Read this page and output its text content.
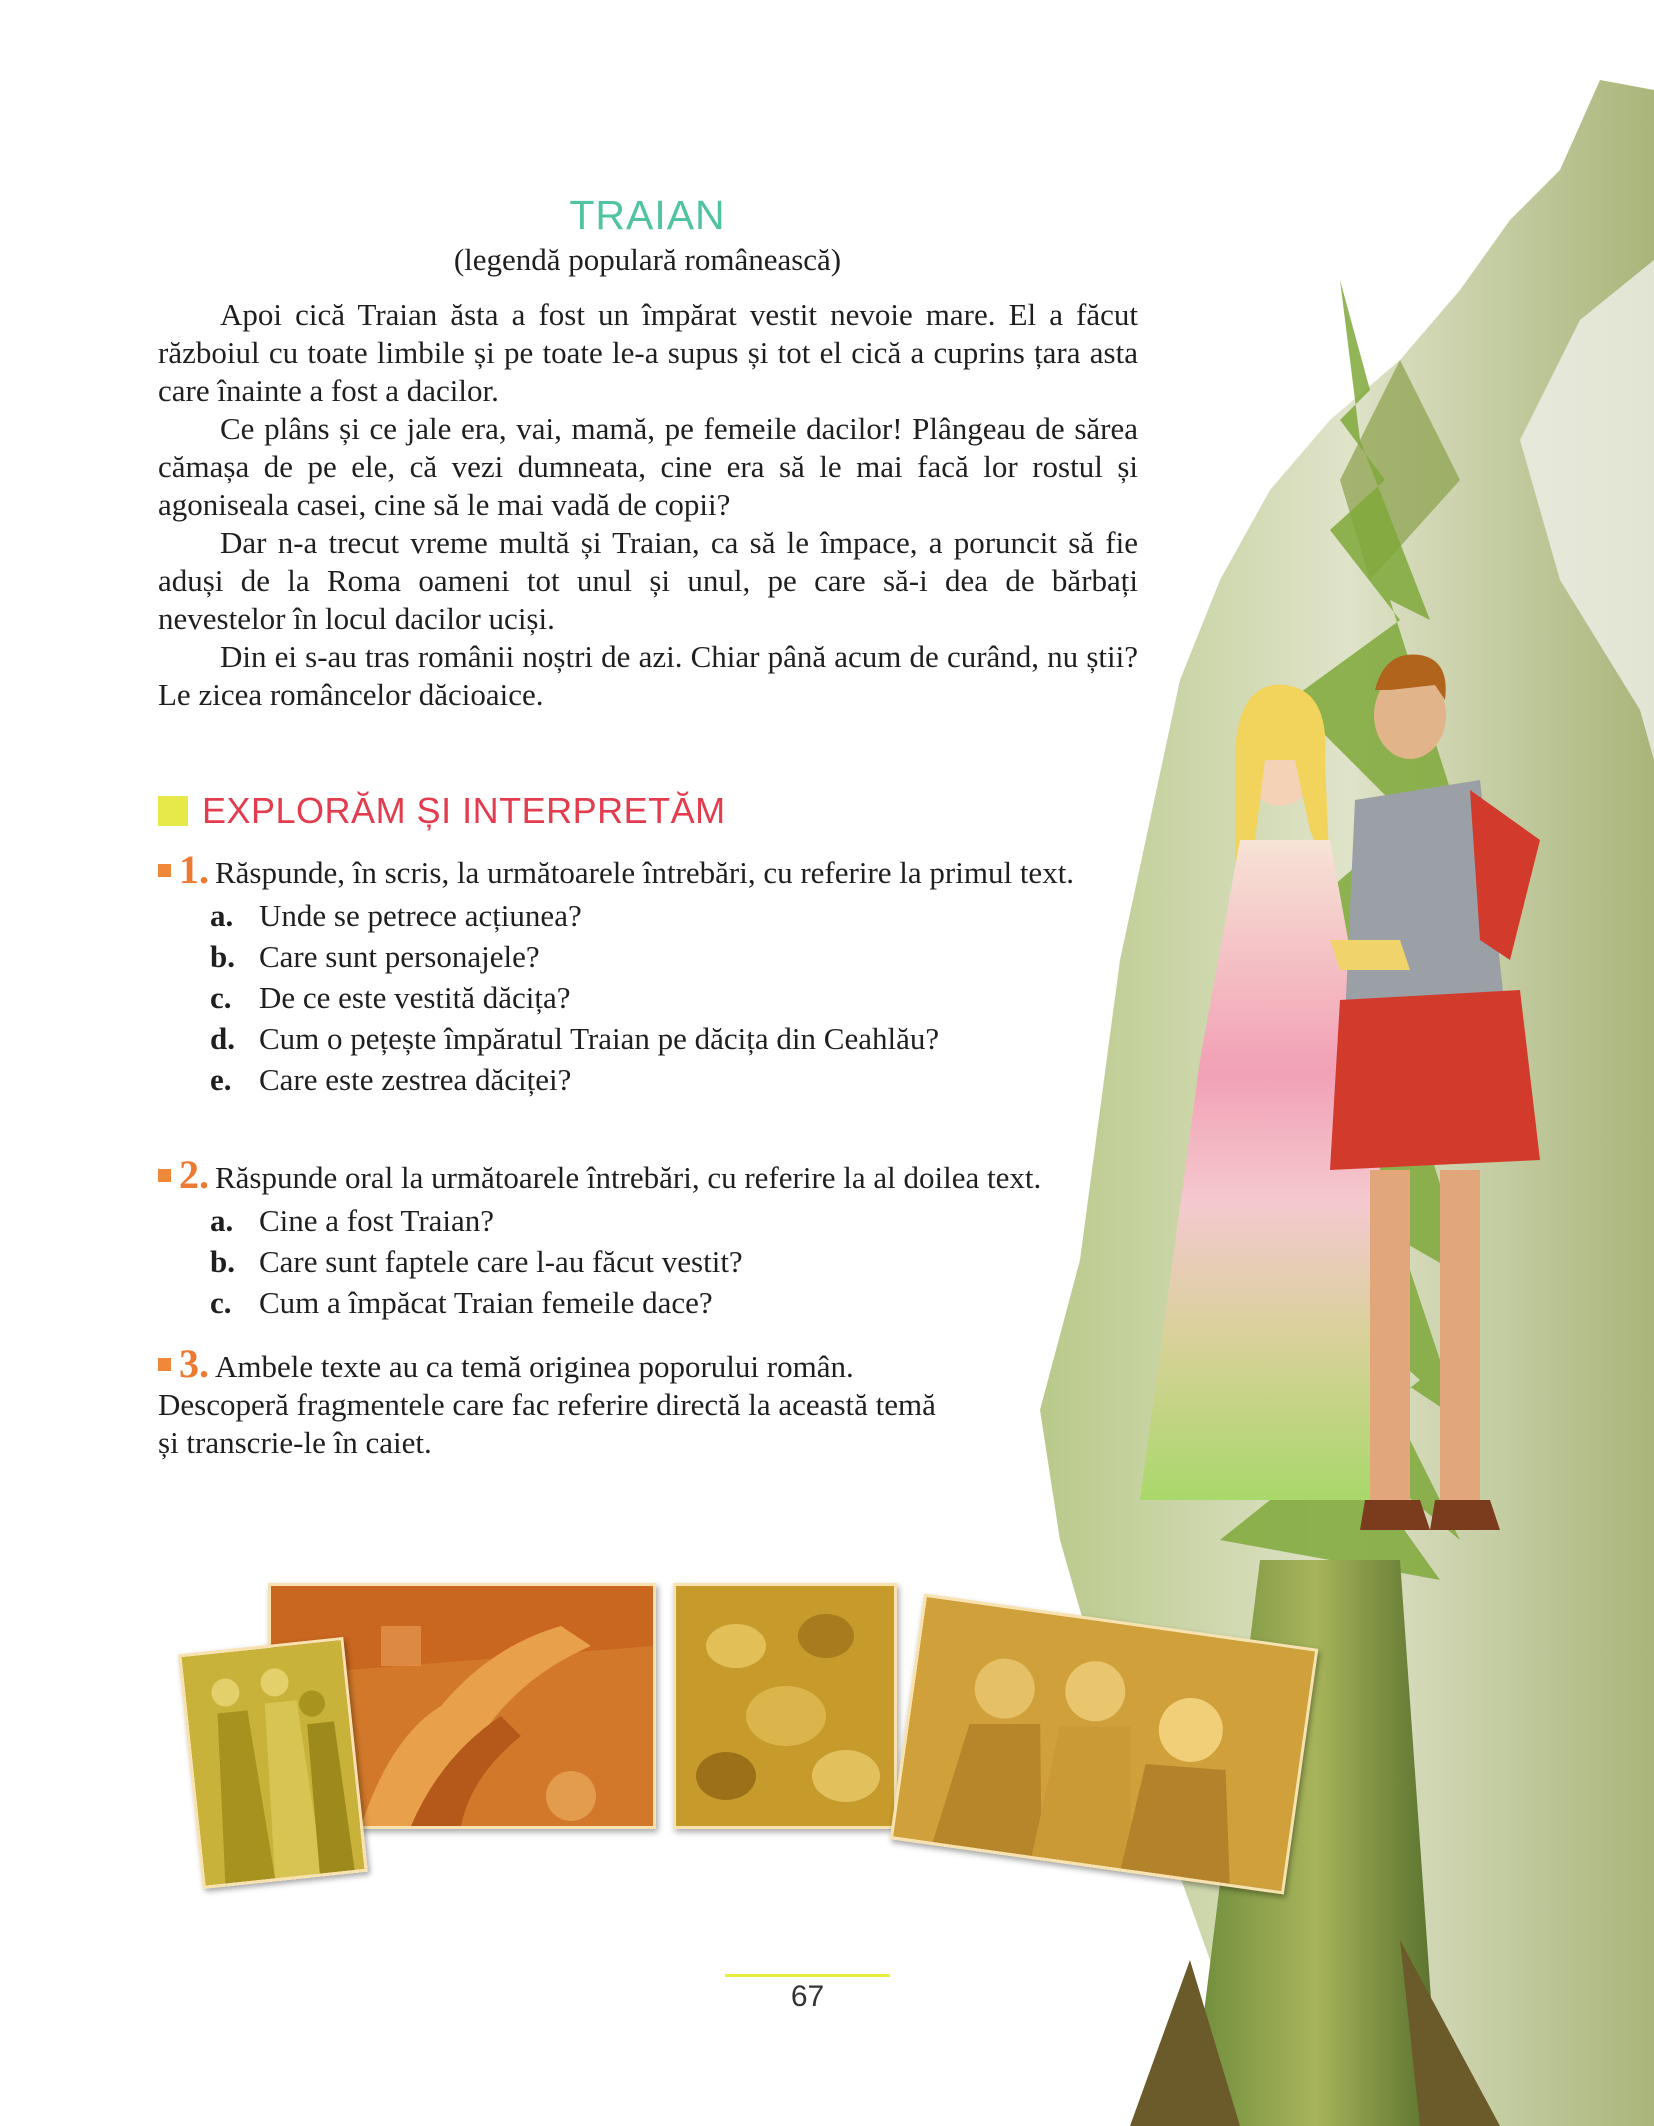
TRAIAN
(legendă populară românească)

Apoi cică Traian ăsta a fost un împărat vestit nevoie mare. El a făcut războiul cu toate limbile și pe toate le-a supus și tot el cică a cuprins țara asta care înainte a fost a dacilor.

Ce plâns și ce jale era, vai, mamă, pe femeile dacilor! Plângeau de sărea cămașa de pe ele, că vezi dumneata, cine era să le mai facă lor rostul și agoniseala casei, cine să le mai vadă de copii?

Dar n-a trecut vreme multă și Traian, ca să le împace, a poruncit să fie aduși de la Roma oameni tot unul și unul, pe care să-i dea de bărbați nevestelor în locul dacilor uciși.

Din ei s-au tras românii noștri de azi. Chiar până acum de curând, nu știi? Le zicea româncelor dăcioaice.

EXPLORĂM ȘI INTERPRETĂM
1. Răspunde, în scris, la următoarele întrebări, cu referire la primul text.
a. Unde se petrece acțiunea?
b. Care sunt personajele?
c. De ce este vestită dăcița?
d. Cum o pețește împăratul Traian pe dăcița din Ceahlău?
e. Care este zestrea dăciței?
2. Răspunde oral la următoarele întrebări, cu referire la al doilea text.
a. Cine a fost Traian?
b. Care sunt faptele care l-au făcut vestit?
c. Cum a împăcat Traian femeile dace?
3. Ambele texte au ca temă originea poporului român. Descoperă fragmentele care fac referire directă la această temă și transcrie-le în caiet.
67
